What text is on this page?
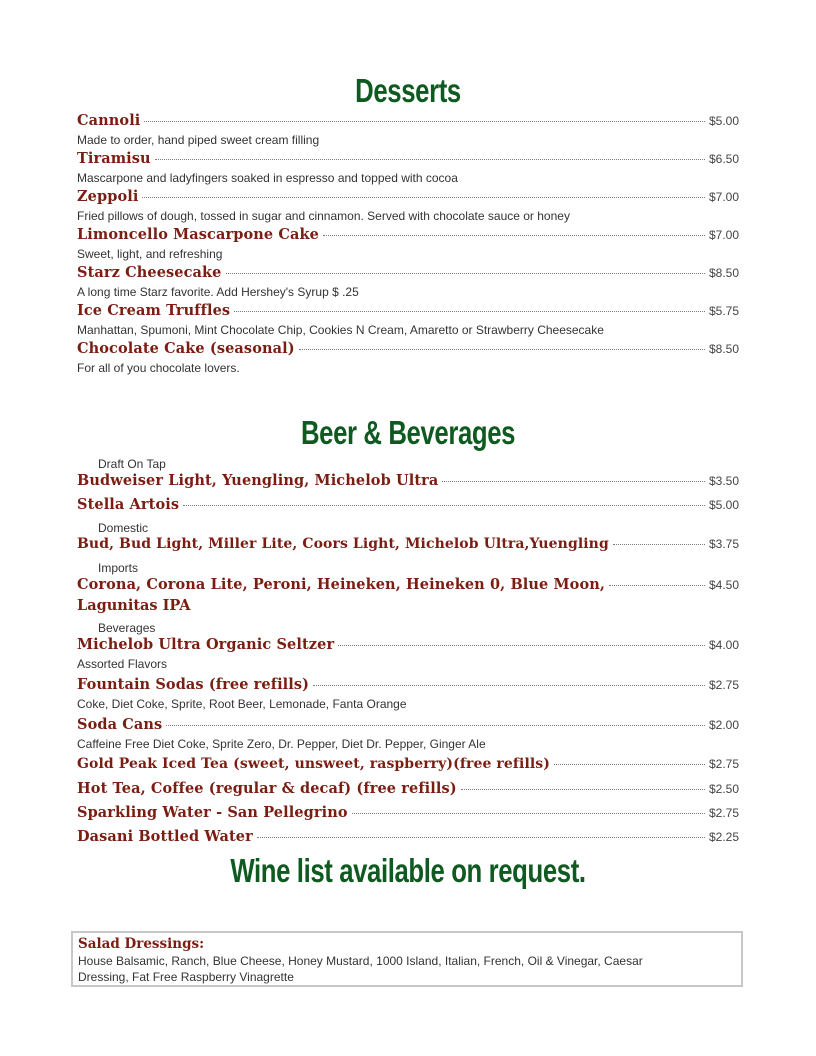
Desserts
Cannoli	$5.00

Made to order, hand piped sweet cream filling

Tiramisu	$6.50

Mascarpone and ladyfingers soaked in espresso and topped with cocoa

Zeppoli	$7.00

Fried pillows of dough, tossed in sugar and cinnamon. Served with chocolate sauce or honey

Limoncello Mascarpone Cake	$7.00

Sweet, light, and refreshing

Starz Cheesecake	$8.50

A long time Starz favorite. Add Hershey's Syrup $ .25

Ice Cream Truffles	$5.75

Manhattan, Spumoni, Mint Chocolate Chip, Cookies N Cream, Amaretto or Strawberry Cheesecake

Chocolate Cake (seasonal)	$8.50

For all of you chocolate lovers.

Beer & Beverages

Draft On Tap

Budweiser Light, Yuengling, Michelob Ultra	$3.50
Stella Artois	$5.00

Domestic

Bud, Bud Light, Miller Lite, Coors Light, Michelob Ultra,Yuengling	$3.75

Imports

Corona, Corona Lite, Peroni, Heineken, Heineken 0, Blue Moon,	$4.50
Lagunitas IPA

Beverages

Michelob Ultra Organic Seltzer	$4.00

Assorted Flavors

Fountain Sodas (free refills)	$2.75

Coke, Diet Coke, Sprite, Root Beer, Lemonade, Fanta Orange

Soda Cans	$2.00

Caffeine Free Diet Coke, Sprite Zero, Dr. Pepper, Diet Dr. Pepper, Ginger Ale

Gold Peak Iced Tea (sweet, unsweet, raspberry)(free refills)	$2.75
Hot Tea, Coffee (regular & decaf) (free refills)	$2.50
Sparkling Water - San Pellegrino	$2.75
Dasani Bottled Water	$2.25
Wine list available on request.

Salad Dressings:

House Balsamic, Ranch, Blue Cheese, Honey Mustard, 1000 Island, Italian, French, Oil & Vinegar, Caesar Dressing, Fat Free Raspberry Vinagrette
